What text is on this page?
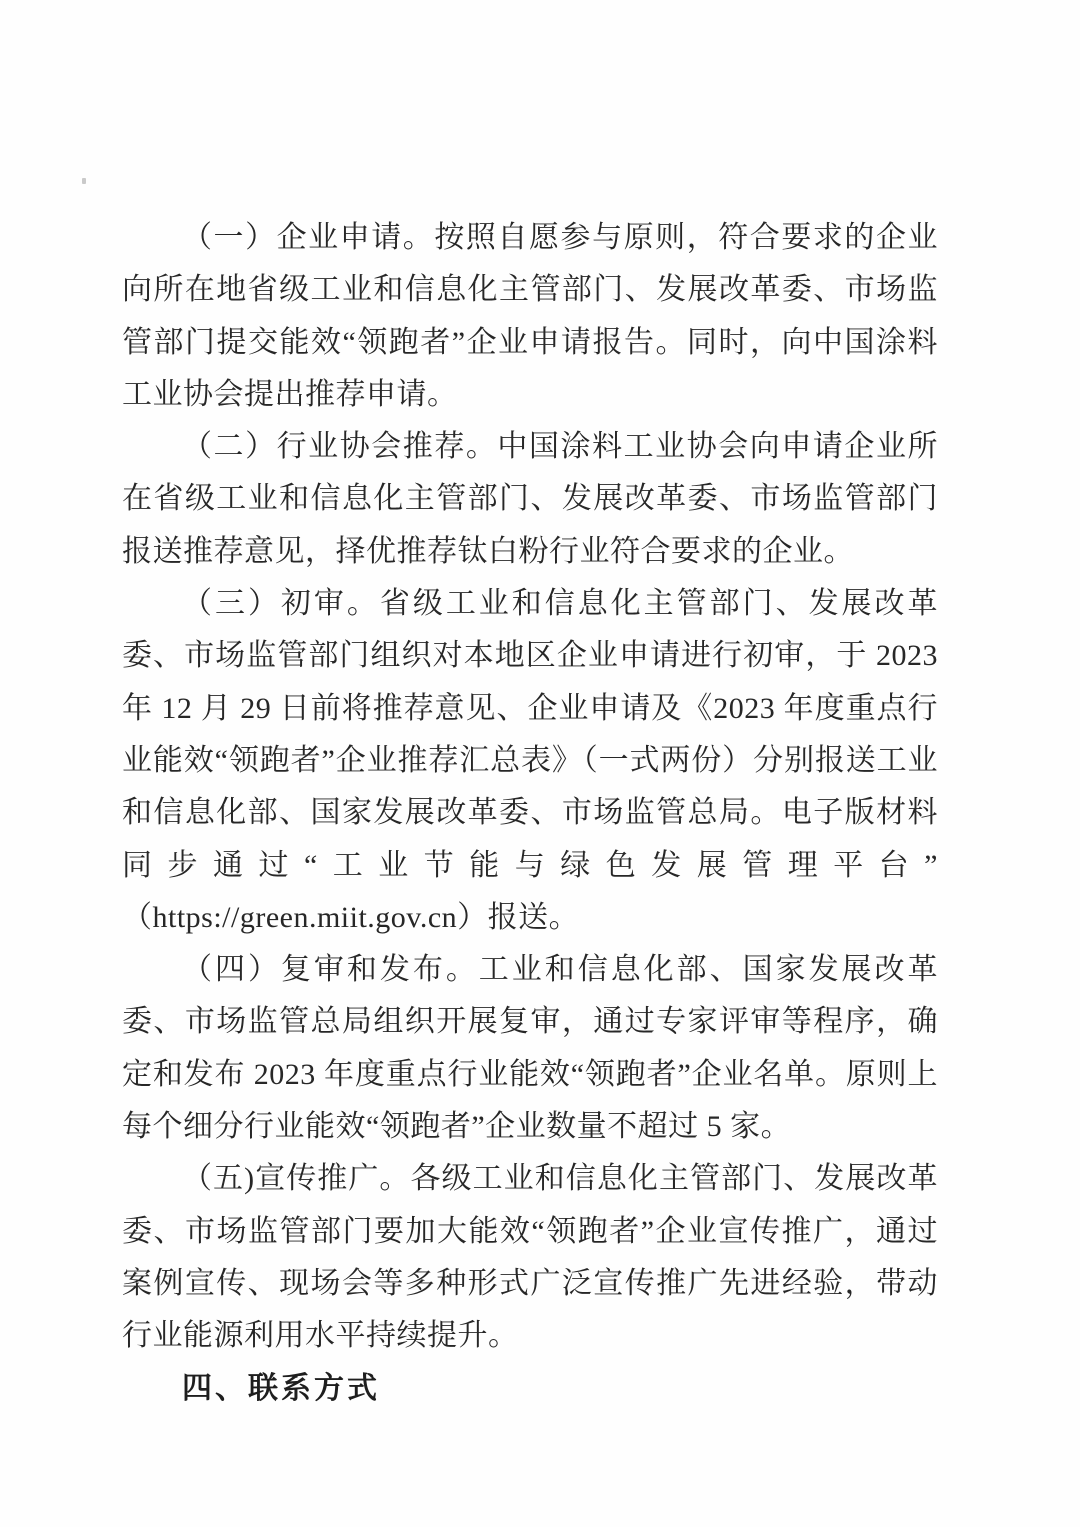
（一）企业申请。按照自愿参与原则，符合要求的企业向所在地省级工业和信息化主管部门、发展改革委、市场监管部门提交能效“领跑者”企业申请报告。同时，向中国涂料工业协会提出推荐申请。

（二）行业协会推荐。中国涂料工业协会向申请企业所在省级工业和信息化主管部门、发展改革委、市场监管部门报送推荐意见，择优推荐钛白粉行业符合要求的企业。

（三）初审。省级工业和信息化主管部门、发展改革委、市场监管部门组织对本地区企业申请进行初审，于 2023 年 12 月 29 日前将推荐意见、企业申请及《2023 年度重点行业能效“领跑者”企业推荐汇总表》（一式两份）分别报送工业和信息化部、国家发展改革委、市场监管总局。电子版材料同步通过“工业节能与绿色发展管理平台”（https://green.miit.gov.cn）报送。

（四）复审和发布。工业和信息化部、国家发展改革委、市场监管总局组织开展复审，通过专家评审等程序，确定和发布 2023 年度重点行业能效“领跑者”企业名单。原则上每个细分行业能效“领跑者”企业数量不超过 5 家。

（五)宣传推广。各级工业和信息化主管部门、发展改革委、市场监管部门要加大能效“领跑者”企业宣传推广，通过案例宣传、现场会等多种形式广泛宣传推广先进经验，带动行业能源利用水平持续提升。

四、联系方式
